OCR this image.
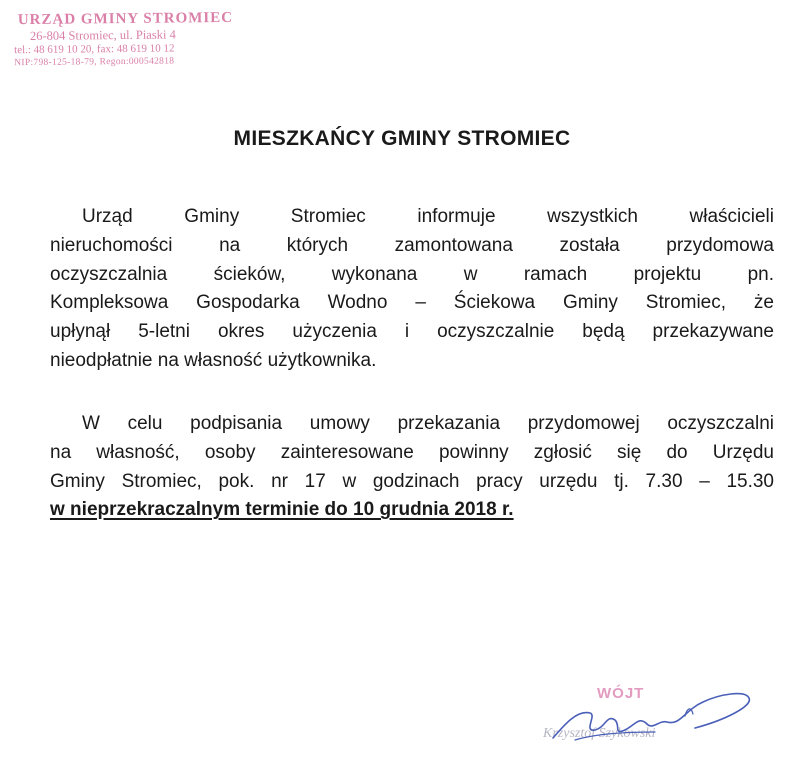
URZĄD GMINY STROMIEC
26-804 Stromiec, ul. Piaski 4
tel.: 48 619 10 20, fax: 48 619 10 12
NIP:798-125-18-79, Regon:000542818
MIESZKAŃCY GMINY STROMIEC
Urząd Gminy Stromiec informuje wszystkich właścicieli
nieruchomości na których zamontowana została przydomowa
oczyszczalnia ścieków, wykonana w ramach projektu pn.
Kompleksowa Gospodarka Wodno – Ściekowa Gminy Stromiec, że
upłynął 5-letni okres użyczenia i oczyszczalnie będą przekazywane
nieodpłatnie na własność użytkownika.
W celu podpisania umowy przekazania przydomowej oczyszczalni
na własność, osoby zainteresowane powinny zgłosić się do Urzędu
Gminy Stromiec, pok. nr 17 w godzinach pracy urzędu tj. 7.30 – 15.30
w nieprzekraczalnym terminie do 10 grudnia 2018 r.
WÓJT
Krzysztof Szykowski
